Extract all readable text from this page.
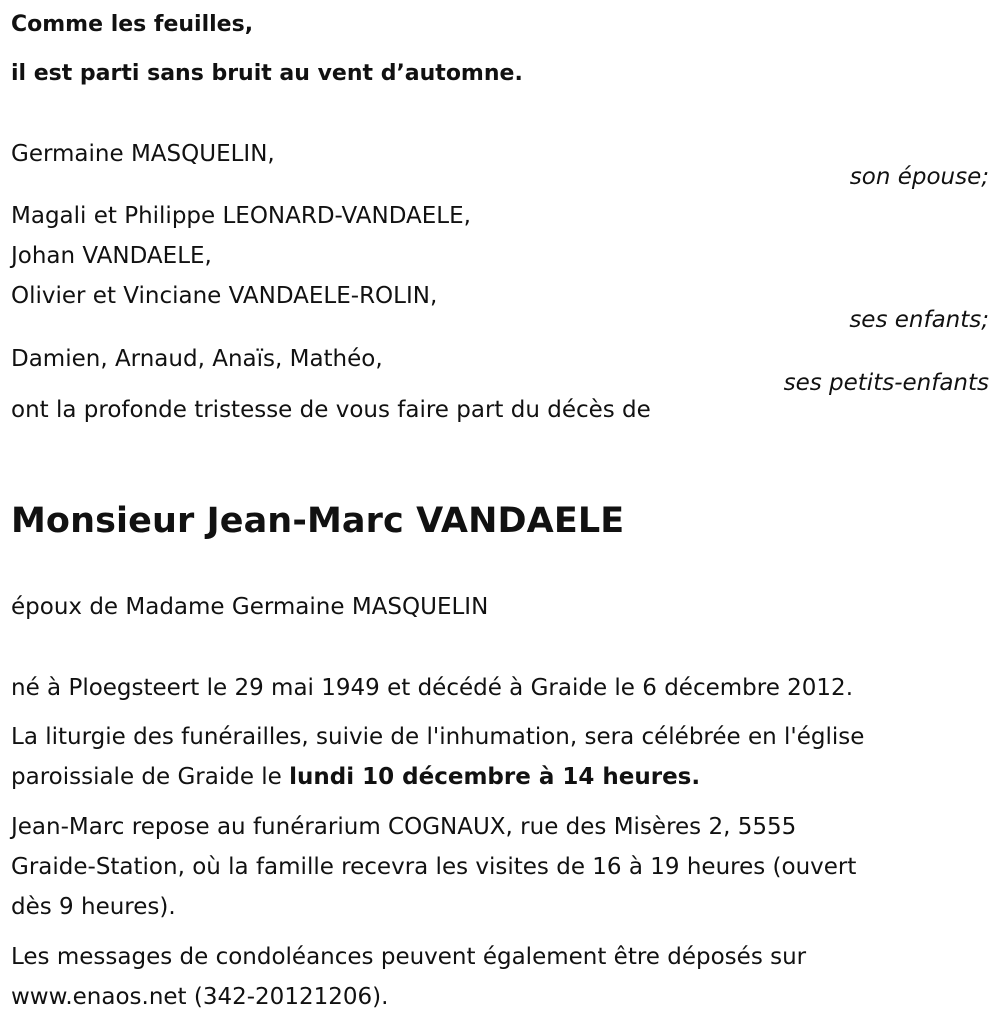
Comme les feuilles,
il est parti sans bruit au vent d’automne.
Germaine MASQUELIN,
son épouse;
Magali et Philippe LEONARD-VANDAELE,
Johan VANDAELE,
Olivier et Vinciane VANDAELE-ROLIN,
ses enfants;
Damien, Arnaud, Anaïs, Mathéo,
ses petits-enfants
ont la profonde tristesse de vous faire part du décès de
Monsieur Jean-Marc VANDAELE
époux de Madame Germaine MASQUELIN
né à Ploegsteert le 29 mai 1949 et décédé à Graide le 6 décembre 2012.
La liturgie des funérailles, suivie de l'inhumation, sera célébrée en l'église
paroissiale de Graide le lundi 10 décembre à 14 heures.
Jean-Marc repose au funérarium COGNAUX, rue des Misères 2, 5555
Graide-Station, où la famille recevra les visites de 16 à 19 heures (ouvert
dès 9 heures).
Les messages de condoléances peuvent également être déposés sur
www.enaos.net (342-20121206).
